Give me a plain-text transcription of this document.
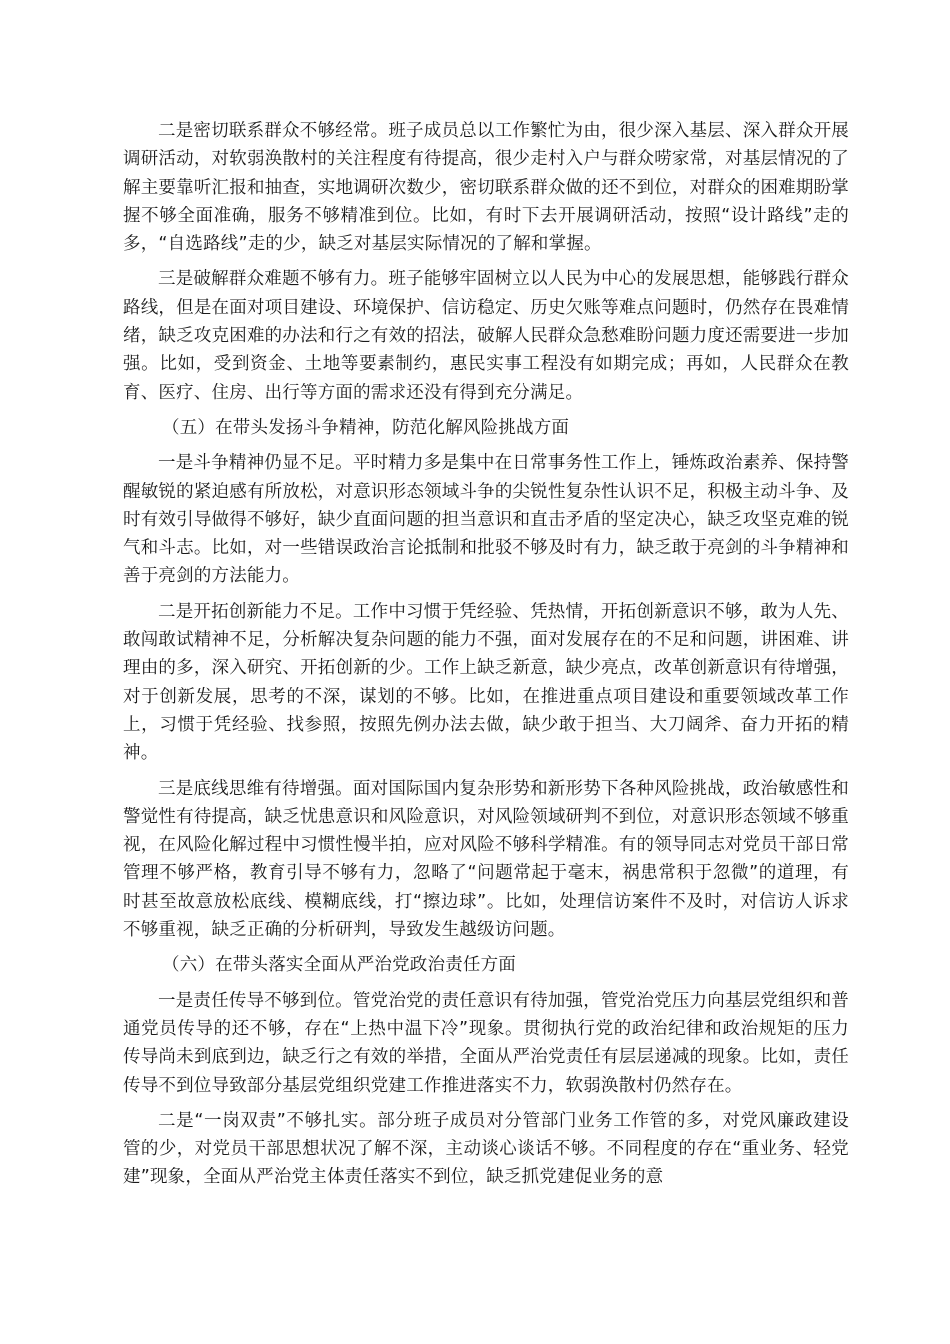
二是密切联系群众不够经常。班子成员总以工作繁忙为由，很少深入基层、深入群众开展调研活动，对软弱涣散村的关注程度有待提高，很少走村入户与群众唠家常，对基层情况的了解主要靠听汇报和抽查，实地调研次数少，密切联系群众做的还不到位，对群众的困难期盼掌握不够全面准确，服务不够精准到位。比如，有时下去开展调研活动，按照“设计路线”走的多，“自选路线”走的少，缺乏对基层实际情况的了解和掌握。

三是破解群众难题不够有力。班子能够牢固树立以人民为中心的发展思想，能够践行群众路线，但是在面对项目建设、环境保护、信访稳定、历史欠账等难点问题时，仍然存在畏难情绪，缺乏攻克困难的办法和行之有效的招法，破解人民群众急愁难盼问题力度还需要进一步加强。比如，受到资金、土地等要素制约，惠民实事工程没有如期完成；再如，人民群众在教育、医疗、住房、出行等方面的需求还没有得到充分满足。

（五）在带头发扬斗争精神，防范化解风险挑战方面

一是斗争精神仍显不足。平时精力多是集中在日常事务性工作上，锤炼政治素养、保持警醒敏锐的紧迫感有所放松，对意识形态领域斗争的尖锐性复杂性认识不足，积极主动斗争、及时有效引导做得不够好，缺少直面问题的担当意识和直击矛盾的坚定决心，缺乏攻坚克难的锐气和斗志。比如，对一些错误政治言论抵制和批驳不够及时有力，缺乏敢于亮剑的斗争精神和善于亮剑的方法能力。

二是开拓创新能力不足。工作中习惯于凭经验、凭热情，开拓创新意识不够，敢为人先、敢闯敢试精神不足，分析解决复杂问题的能力不强，面对发展存在的不足和问题，讲困难、讲理由的多，深入研究、开拓创新的少。工作上缺乏新意，缺少亮点，改革创新意识有待增强，对于创新发展，思考的不深，谋划的不够。比如，在推进重点项目建设和重要领域改革工作上，习惯于凭经验、找参照，按照先例办法去做，缺少敢于担当、大刀阔斧、奋力开拓的精神。

三是底线思维有待增强。面对国际国内复杂形势和新形势下各种风险挑战，政治敏感性和警觉性有待提高，缺乏忧患意识和风险意识，对风险领域研判不到位，对意识形态领域不够重视，在风险化解过程中习惯性慢半拍，应对风险不够科学精准。有的领导同志对党员干部日常管理不够严格，教育引导不够有力，忽略了“问题常起于毫末，祸患常积于忽微”的道理，有时甚至故意放松底线、模糊底线，打“擦边球”。比如，处理信访案件不及时，对信访人诉求不够重视，缺乏正确的分析研判，导致发生越级访问题。

（六）在带头落实全面从严治党政治责任方面

一是责任传导不够到位。管党治党的责任意识有待加强，管党治党压力向基层党组织和普通党员传导的还不够，存在“上热中温下冷”现象。贯彻执行党的政治纪律和政治规矩的压力传导尚未到底到边，缺乏行之有效的举措，全面从严治党责任有层层递减的现象。比如，责任传导不到位导致部分基层党组织党建工作推进落实不力，软弱涣散村仍然存在。

二是“一岗双责”不够扎实。部分班子成员对分管部门业务工作管的多，对党风廉政建设管的少，对党员干部思想状况了解不深，主动谈心谈话不够。不同程度的存在“重业务、轻党建”现象，全面从严治党主体责任落实不到位，缺乏抓党建促业务的意
